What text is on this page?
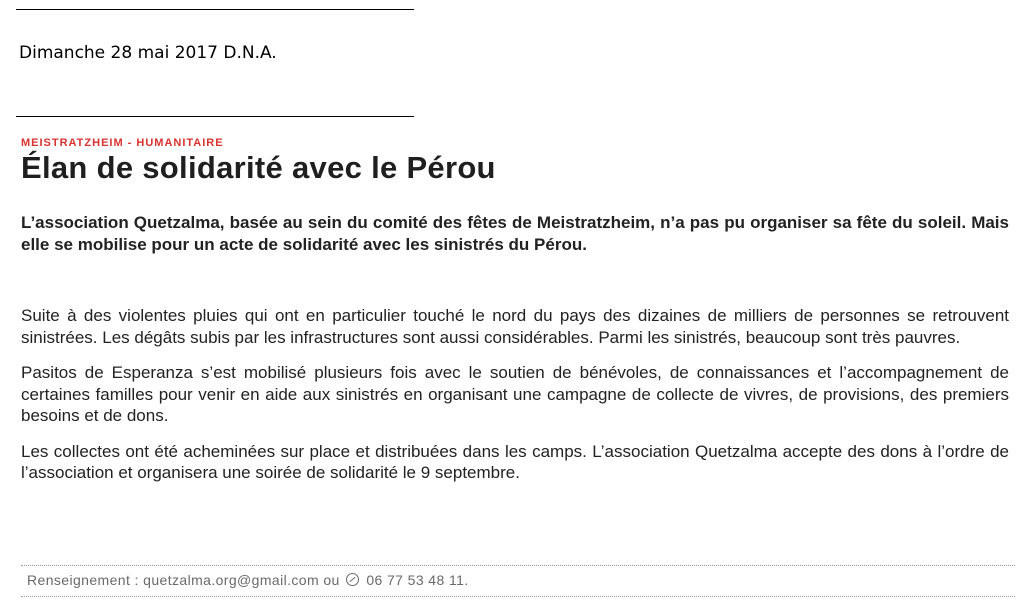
Dimanche 28 mai 2017 D.N.A.

MEISTRATZHEIM - HUMANITAIRE

Élan de solidarité avec le Pérou

L’association Quetzalma, basée au sein du comité des fêtes de Meistratzheim, n’a pas pu organiser sa fête du soleil. Mais elle se mobilise pour un acte de solidarité avec les sinistrés du Pérou.

Suite à des violentes pluies qui ont en particulier touché le nord du pays des dizaines de milliers de personnes se retrouvent sinistrées. Les dégâts subis par les infrastructures sont aussi considérables. Parmi les sinistrés, beaucoup sont très pauvres.

Pasitos de Esperanza s’est mobilisé plusieurs fois avec le soutien de bénévoles, de connaissances et l’accompagnement de certaines familles pour venir en aide aux sinistrés en organisant une campagne de collecte de vivres, de provisions, des premiers besoins et de dons.

Les collectes ont été acheminées sur place et distribuées dans les camps. L’association Quetzalma accepte des dons à l’ordre de l’association et organisera une soirée de solidarité le 9 septembre.

Renseignement : quetzalma.org@gmail.com ou 06 77 53 48 11.
